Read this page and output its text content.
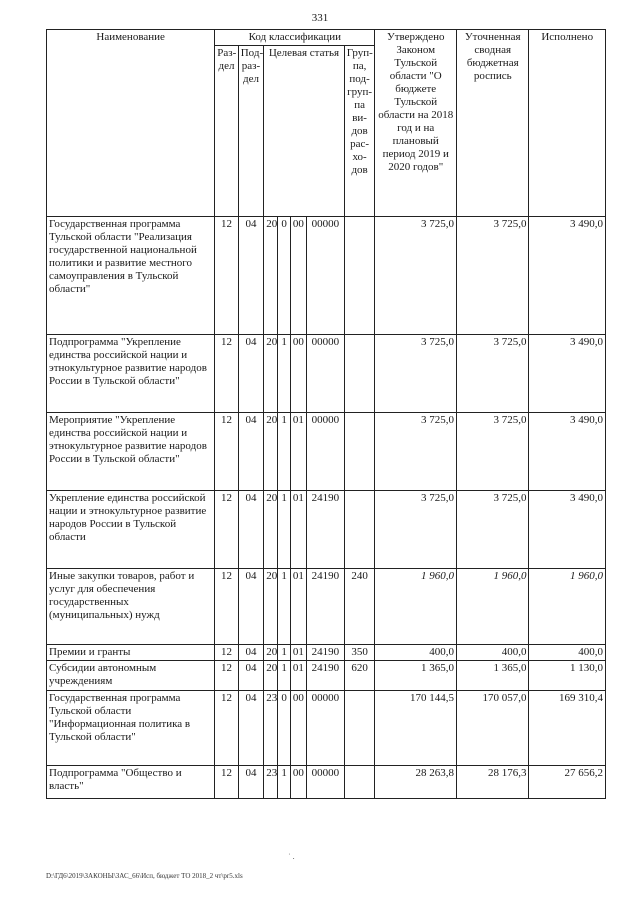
331
Наименование	Код классификации							Утверждено Законом Тульской области "О бюджете Тульской области на 2018 год и на плановый период 2019 и 2020 годов"	Уточненная сводная бюджетная роспись	Исполнено
	Раз-дел	Под-раз-дел	Целевая статья				Груп-па, под-груп-па ви-дов рас-хо-дов			
Государственная программа Тульской области "Реализация государственной национальной политики и развитие местного самоуправления в Тульской области"	12	04	20	0	00	00000		3 725,0	3 725,0	3 490,0
Подпрограмма "Укрепление единства российской нации и этнокультурное развитие народов России в Тульской области"	12	04	20	1	00	00000		3 725,0	3 725,0	3 490,0
Мероприятие "Укрепление единства российской нации и этнокультурное развитие народов России в Тульской области"	12	04	20	1	01	00000		3 725,0	3 725,0	3 490,0
Укрепление единства российской нации и этнокультурное развитие народов России в Тульской области	12	04	20	1	01	24190		3 725,0	3 725,0	3 490,0
Иные закупки товаров, работ и услуг для обеспечения государственных (муниципальных) нужд	12	04	20	1	01	24190	240	1 960,0	1 960,0	1 960,0
Премии и гранты	12	04	20	1	01	24190	350	400,0	400,0	400,0
Субсидии автономным учреждениям	12	04	20	1	01	24190	620	1 365,0	1 365,0	1 130,0
Государственная программа Тульской области "Информационная политика в Тульской области"	12	04	23	0	00	00000		170 144,5	170 057,0	169 310,4
Подпрограмма "Общество и власть"	12	04	23	1	00	00000		28 263,8	28 176,3	27 656,2
˙ .
D:\ГД6\2019\ЗАКОНЫ\ЗАС_66\Исп, бюджет ТО 2018_2 чт\pr5.xls
